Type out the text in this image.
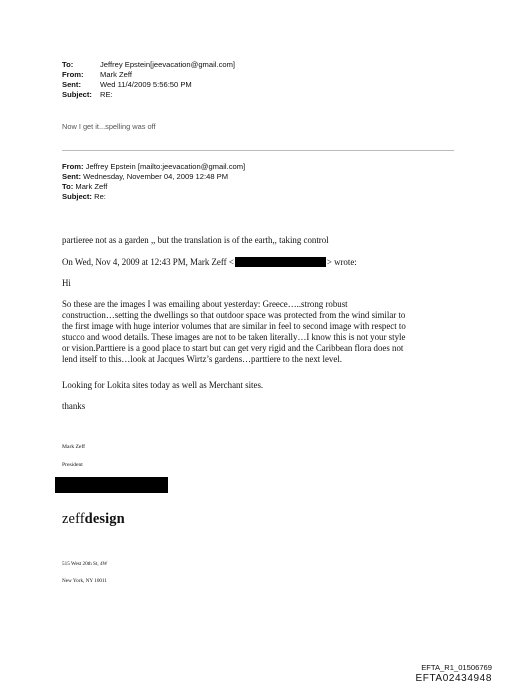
To:	Jeffrey Epstein[jeevacation@gmail.com]
From:	Mark Zeff
Sent:	Wed 11/4/2009 5:56:50 PM
Subject:	RE:
Now I get it...spelling was off
From: Jeffrey Epstein [mailto:jeevacation@gmail.com]
Sent: Wednesday, November 04, 2009 12:48 PM
To: Mark Zeff
Subject: Re:
partieree not as a garden ,, but the translation is of the earth,, taking control
On Wed, Nov 4, 2009 at 12:43 PM, Mark Zeff <	> wrote:
Hi
So these are the images I was emailing about yesterday: Greece…..strong robust
construction…setting the dwellings so that outdoor space was protected from the wind similar to
the first image with huge interior volumes that are similar in feel to second image with respect to
stucco and wood details. These images are not to be taken literally…I know this is not your style
or vision.Parttiere is a good place to start but can get very rigid and the Caribbean flora does not
lend itself to this…look at Jacques Wirtz’s gardens…parttiere to the next level.
Looking for Lokita sites today as well as Merchant sites.
thanks
Mark Zeff
President
zeffdesign
515 West 20th St, 4W
New York, NY 10011
EFTA_R1_01506769
EFTA02434948
